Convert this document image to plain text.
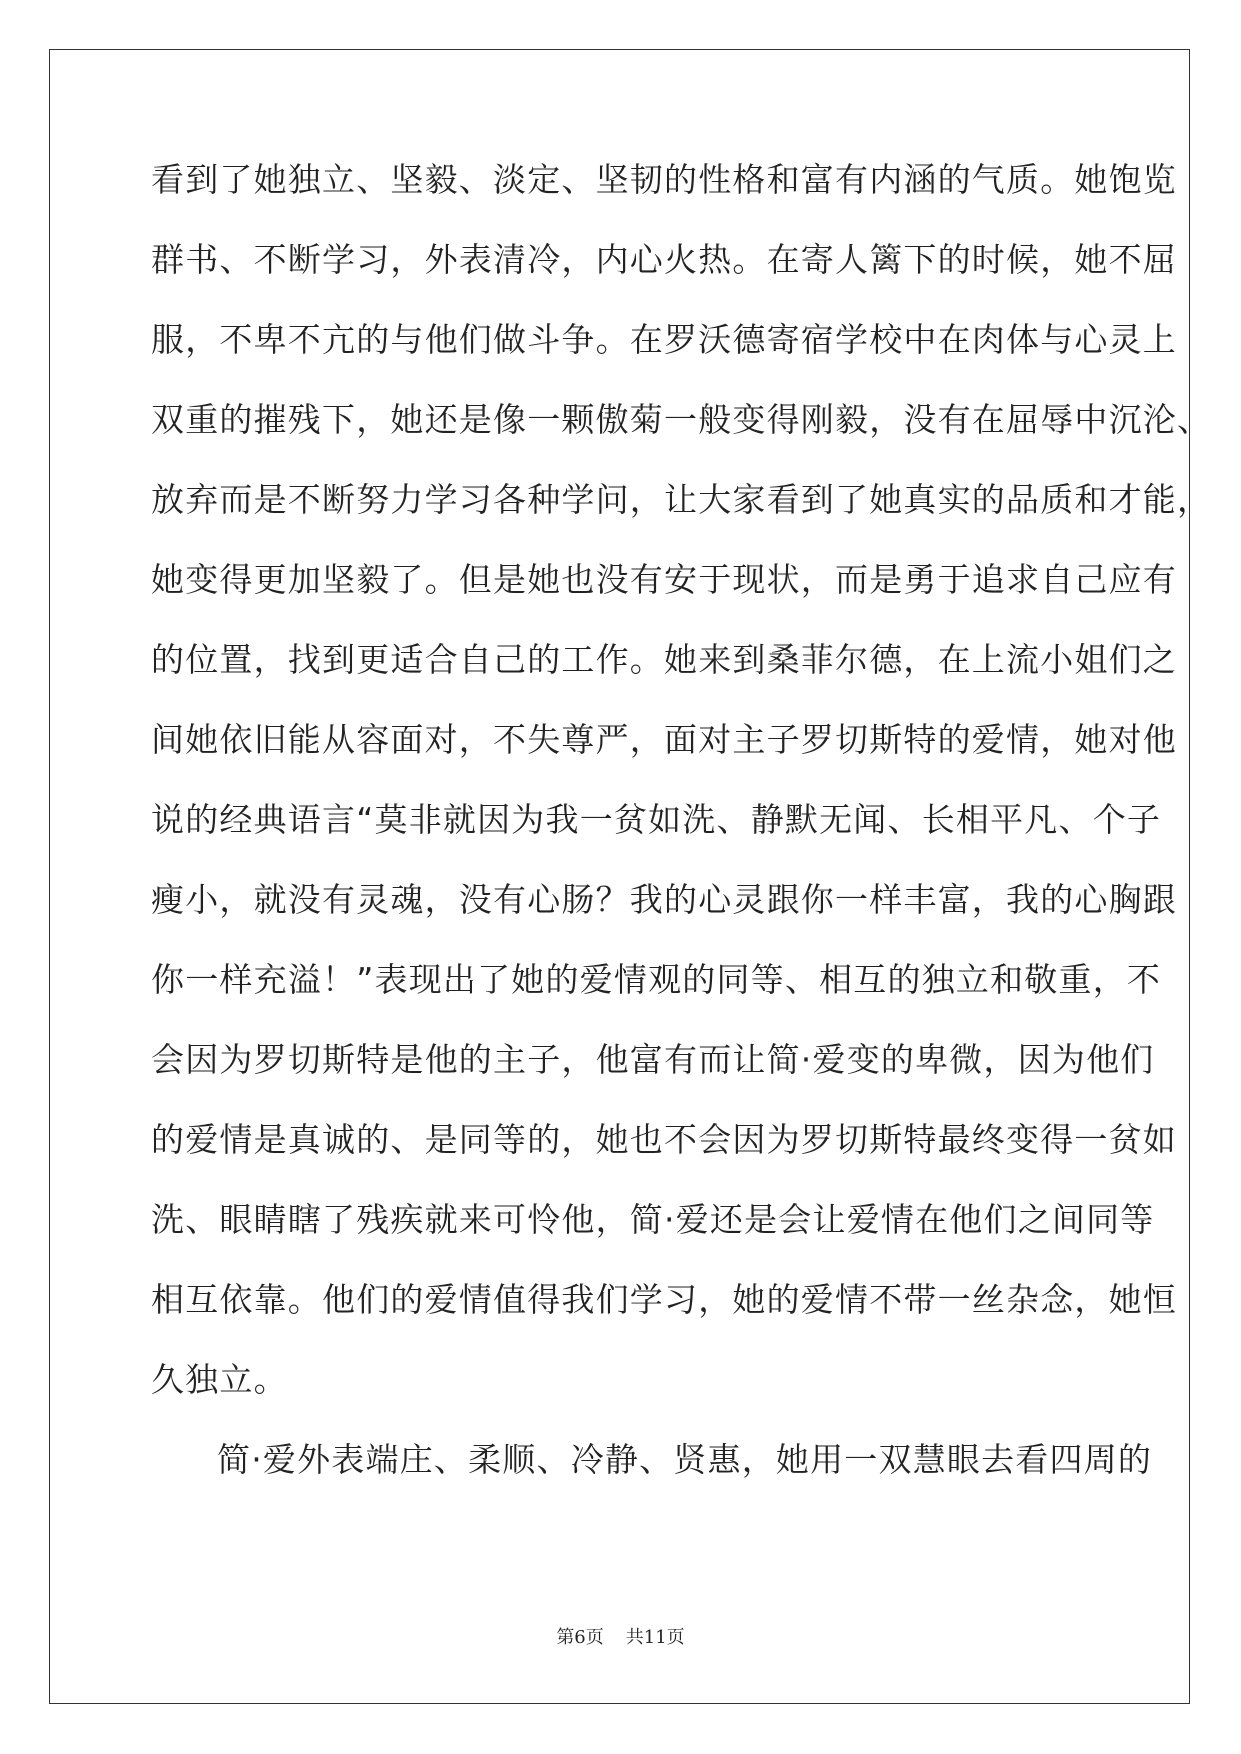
看到了她独立、坚毅、淡定、坚韧的性格和富有内涵的气质。她饱览
群书、不断学习，外表清冷，内心火热。在寄人篱下的时候，她不屈
服，不卑不亢的与他们做斗争。在罗沃德寄宿学校中在肉体与心灵上
双重的摧残下，她还是像一颗傲菊一般变得刚毅，没有在屈辱中沉沦、
放弃而是不断努力学习各种学问，让大家看到了她真实的品质和才能，
她变得更加坚毅了。但是她也没有安于现状，而是勇于追求自己应有
的位置，找到更适合自己的工作。她来到桑菲尔德，在上流小姐们之
间她依旧能从容面对，不失尊严，面对主子罗切斯特的爱情，她对他
说的经典语言“莫非就因为我一贫如洗、静默无闻、长相平凡、个子
瘦小，就没有灵魂，没有心肠？我的心灵跟你一样丰富，我的心胸跟
你一样充溢！”表现出了她的爱情观的同等、相互的独立和敬重，不
会因为罗切斯特是他的主子，他富有而让简·爱变的卑微，因为他们
的爱情是真诚的、是同等的，她也不会因为罗切斯特最终变得一贫如
洗、眼睛瞎了残疾就来可怜他，简·爱还是会让爱情在他们之间同等
相互依靠。他们的爱情值得我们学习，她的爱情不带一丝杂念，她恒
久独立。
简·爱外表端庄、柔顺、冷静、贤惠，她用一双慧眼去看四周的
第6页 共11页
